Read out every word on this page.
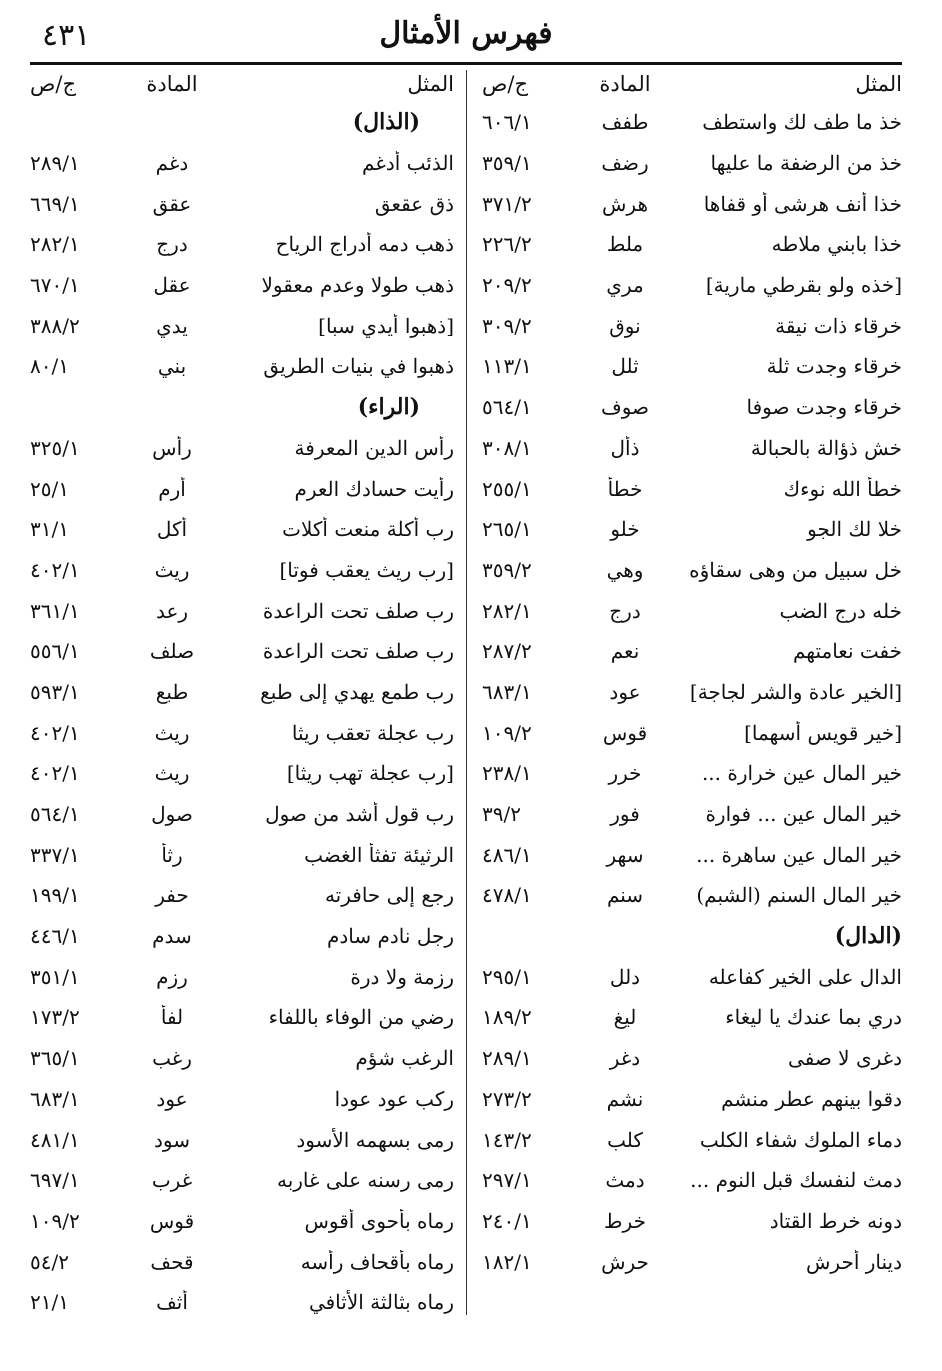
فهرس الأمثال
٤٣١
المثل
المادة
ج/ص
خذ ما طف لك واستطف
طفف
٦٠٦/١
خذ من الرضفة ما عليها
رضف
٣٥٩/١
خذا أنف هرشى أو قفاها
هرش
٣٧١/٢
خذا بابني ملاطه
ملط
٢٢٦/٢
[خذه ولو بقرطي مارية]
مري
٢٠٩/٢
خرقاء ذات نيقة
نوق
٣٠٩/٢
خرقاء وجدت ثلة
ثلل
١١٣/١
خرقاء وجدت صوفا
صوف
٥٦٤/١
خش ذؤالة بالحبالة
ذأل
٣٠٨/١
خطأ الله نوءك
خطأ
٢٥٥/١
خلا لك الجو
خلو
٢٦٥/١
خل سبيل من وهى سقاؤه
وهي
٣٥٩/٢
خله درج الضب
درج
٢٨٢/١
خفت نعامتهم
نعم
٢٨٧/٢
[الخير عادة والشر لجاجة]
عود
٦٨٣/١
[خير قويس أسهما]
قوس
١٠٩/٢
خير المال عين خرارة ...
خرر
٢٣٨/١
خير المال عين ... فوارة
فور
٣٩/٢
خير المال عين ساهرة ...
سهر
٤٨٦/١
خير المال السنم (الشبم)
سنم
٤٧٨/١
(الدال)
الدال على الخير كفاعله
دلل
٢٩٥/١
دري بما عندك يا ليغاء
ليغ
١٨٩/٢
دغرى لا صفى
دغر
٢٨٩/١
دقوا بينهم عطر منشم
نشم
٢٧٣/٢
دماء الملوك شفاء الكلب
كلب
١٤٣/٢
دمث لنفسك قبل النوم ...
دمث
٢٩٧/١
دونه خرط القتاد
خرط
٢٤٠/١
دينار أحرش
حرش
١٨٢/١
المثل
المادة
ج/ص
(الذال)
الذئب أدغم
دغم
٢٨٩/١
ذق عقعق
عقق
٦٦٩/١
ذهب دمه أدراج الرياح
درج
٢٨٢/١
ذهب طولا وعدم معقولا
عقل
٦٧٠/١
[ذهبوا أيدي سبا]
يدي
٣٨٨/٢
ذهبوا في بنيات الطريق
بني
٨٠/١
(الراء)
رأس الدين المعرفة
رأس
٣٢٥/١
رأيت حسادك العرم
أرم
٢٥/١
رب أكلة منعت أكلات
أكل
٣١/١
[رب ريث يعقب فوتا]
ريث
٤٠٢/١
رب صلف تحت الراعدة
رعد
٣٦١/١
رب صلف تحت الراعدة
صلف
٥٥٦/١
رب طمع يهدي إلى طبع
طبع
٥٩٣/١
رب عجلة تعقب ريثا
ريث
٤٠٢/١
[رب عجلة تهب ريثا]
ريث
٤٠٢/١
رب قول أشد من صول
صول
٥٦٤/١
الرثيئة تفثأ الغضب
رثأ
٣٣٧/١
رجع إلى حافرته
حفر
١٩٩/١
رجل نادم سادم
سدم
٤٤٦/١
رزمة ولا درة
رزم
٣٥١/١
رضي من الوفاء باللفاء
لفأ
١٧٣/٢
الرغب شؤم
رغب
٣٦٥/١
ركب عود عودا
عود
٦٨٣/١
رمى بسهمه الأسود
سود
٤٨١/١
رمى رسنه على غاربه
غرب
٦٩٧/١
رماه بأحوى أقوس
قوس
١٠٩/٢
رماه بأقحاف رأسه
قحف
٥٤/٢
رماه بثالثة الأثافي
أثف
٢١/١
